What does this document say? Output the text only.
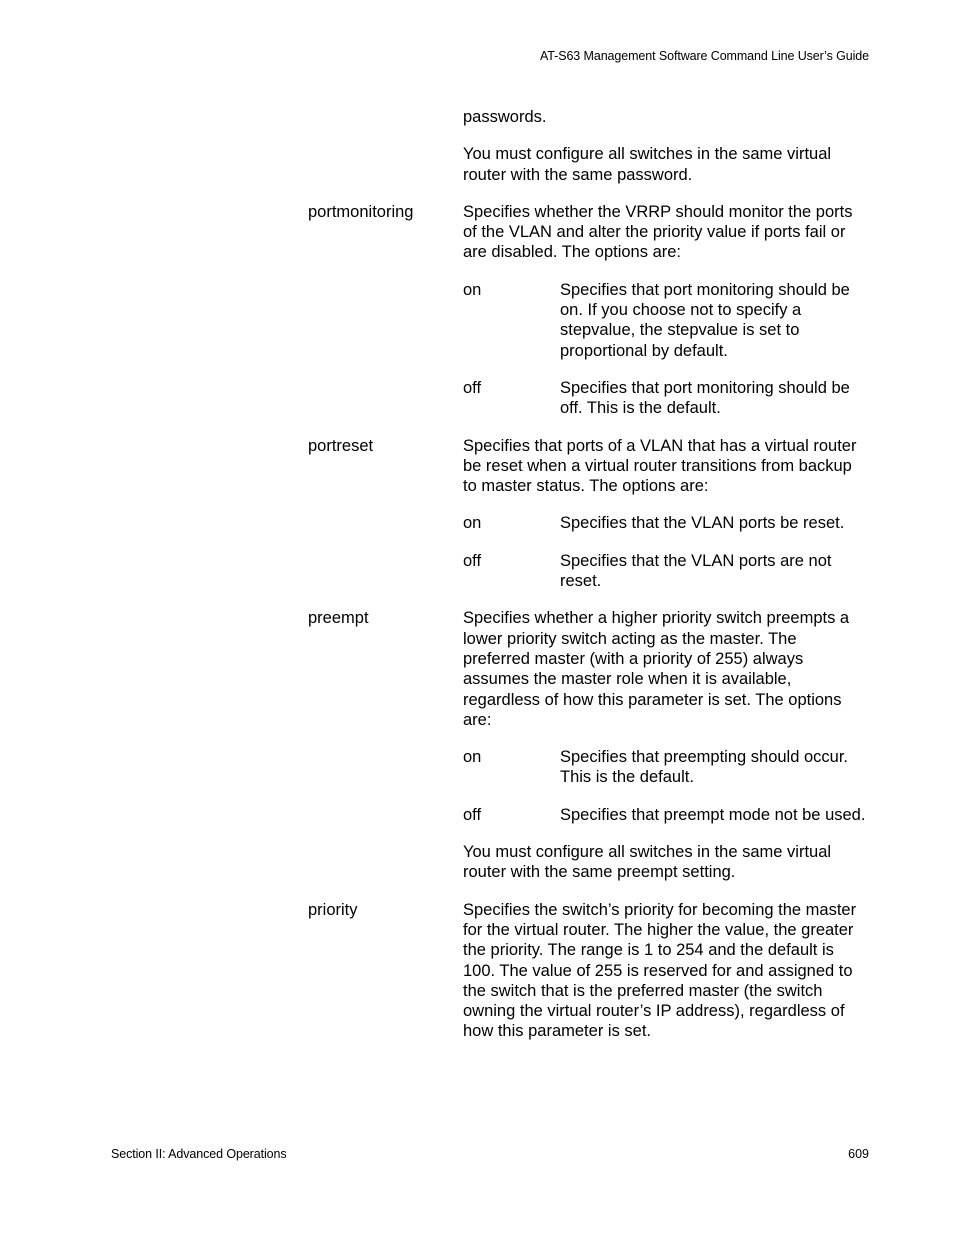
AT-S63 Management Software Command Line User’s Guide
passwords.
You must configure all switches in the same virtual router with the same password.
portmonitoring	Specifies whether the VRRP should monitor the ports of the VLAN and alter the priority value if ports fail or are disabled. The options are:
on	Specifies that port monitoring should be on. If you choose not to specify a stepvalue, the stepvalue is set to proportional by default.
off	Specifies that port monitoring should be off. This is the default.
portreset	Specifies that ports of a VLAN that has a virtual router be reset when a virtual router transitions from backup to master status. The options are:
on	Specifies that the VLAN ports be reset.
off	Specifies that the VLAN ports are not reset.
preempt	Specifies whether a higher priority switch preempts a lower priority switch acting as the master. The preferred master (with a priority of 255) always assumes the master role when it is available, regardless of how this parameter is set. The options are:
on	Specifies that preempting should occur. This is the default.
off	Specifies that preempt mode not be used.
You must configure all switches in the same virtual router with the same preempt setting.
priority	Specifies the switch’s priority for becoming the master for the virtual router. The higher the value, the greater the priority. The range is 1 to 254 and the default is 100. The value of 255 is reserved for and assigned to the switch that is the preferred master (the switch owning the virtual router’s IP address), regardless of how this parameter is set.
Section II: Advanced Operations	609
